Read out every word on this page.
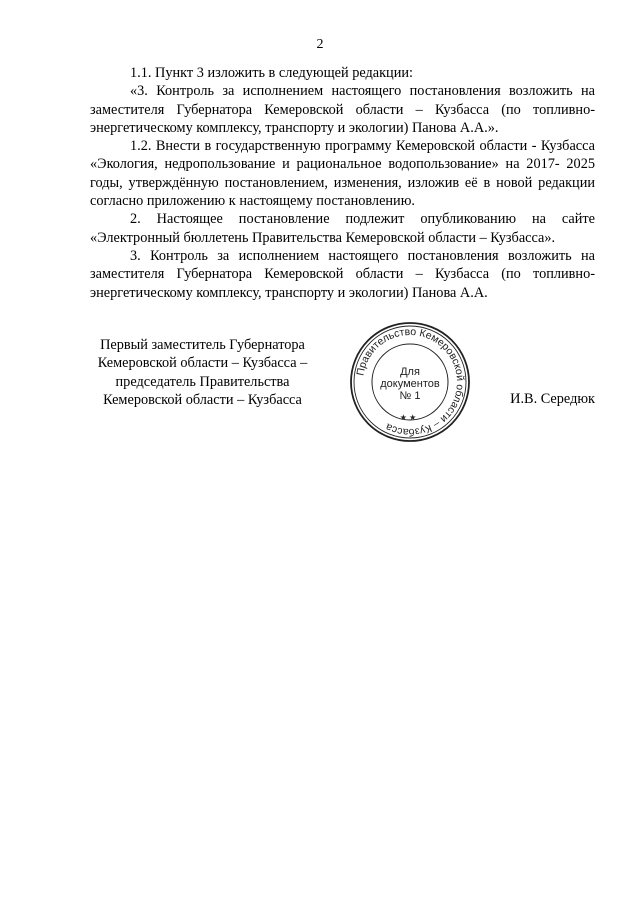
2

1.1. Пункт 3 изложить в следующей редакции:

«3. Контроль за исполнением настоящего постановления возложить на заместителя Губернатора Кемеровской области – Кузбасса (по топливно-энергетическому комплексу, транспорту и экологии) Панова А.А.».

1.2. Внести в государственную программу Кемеровской области - Кузбасса «Экология, недропользование и рациональное водопользование» на 2017- 2025 годы, утверждённую постановлением, изменения, изложив её в новой редакции согласно приложению к настоящему постановлению.

2. Настоящее постановление подлежит опубликованию на сайте «Электронный бюллетень Правительства Кемеровской области – Кузбасса».

3. Контроль за исполнением настоящего постановления возложить на заместителя Губернатора Кемеровской области – Кузбасса (по топливно-энергетическому комплексу, транспорту и экологии) Панова А.А.

Первый заместитель Губернатора
Кемеровской области – Кузбасса –
председатель Правительства
Кемеровской области – Кузбасса
Правительство Кемеровской области – Кузбасса
★ ★
Для
документов
№ 1	И.В. Середюк
